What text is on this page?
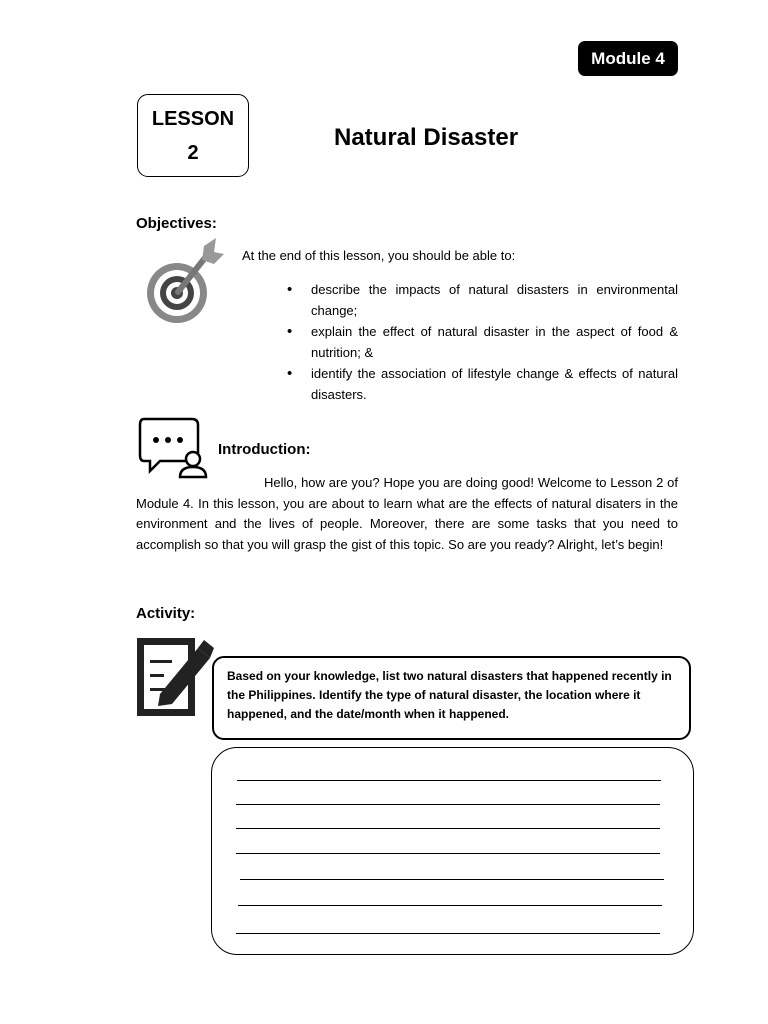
Module 4
LESSON
2
Natural Disaster
Objectives:
At the end of this lesson, you should be able to:
• describe the impacts of natural disasters in environmental change;
• explain the effect of natural disaster in the aspect of food & nutrition; &
• identify the association of lifestyle change & effects of natural disasters.
Introduction:

Hello, how are you? Hope you are doing good! Welcome to Lesson 2 of Module 4. In this lesson, you are about to learn what are the effects of natural disaters in the environment and the lives of people. Moreover, there are some tasks that you need to accomplish so that you will grasp the gist of this topic. So are you ready? Alright, let’s begin!

Activity:
Based on your knowledge, list two natural disasters that happened recently in the Philippines. Identify the type of natural disaster, the location where it happened, and the date/month when it happened.
